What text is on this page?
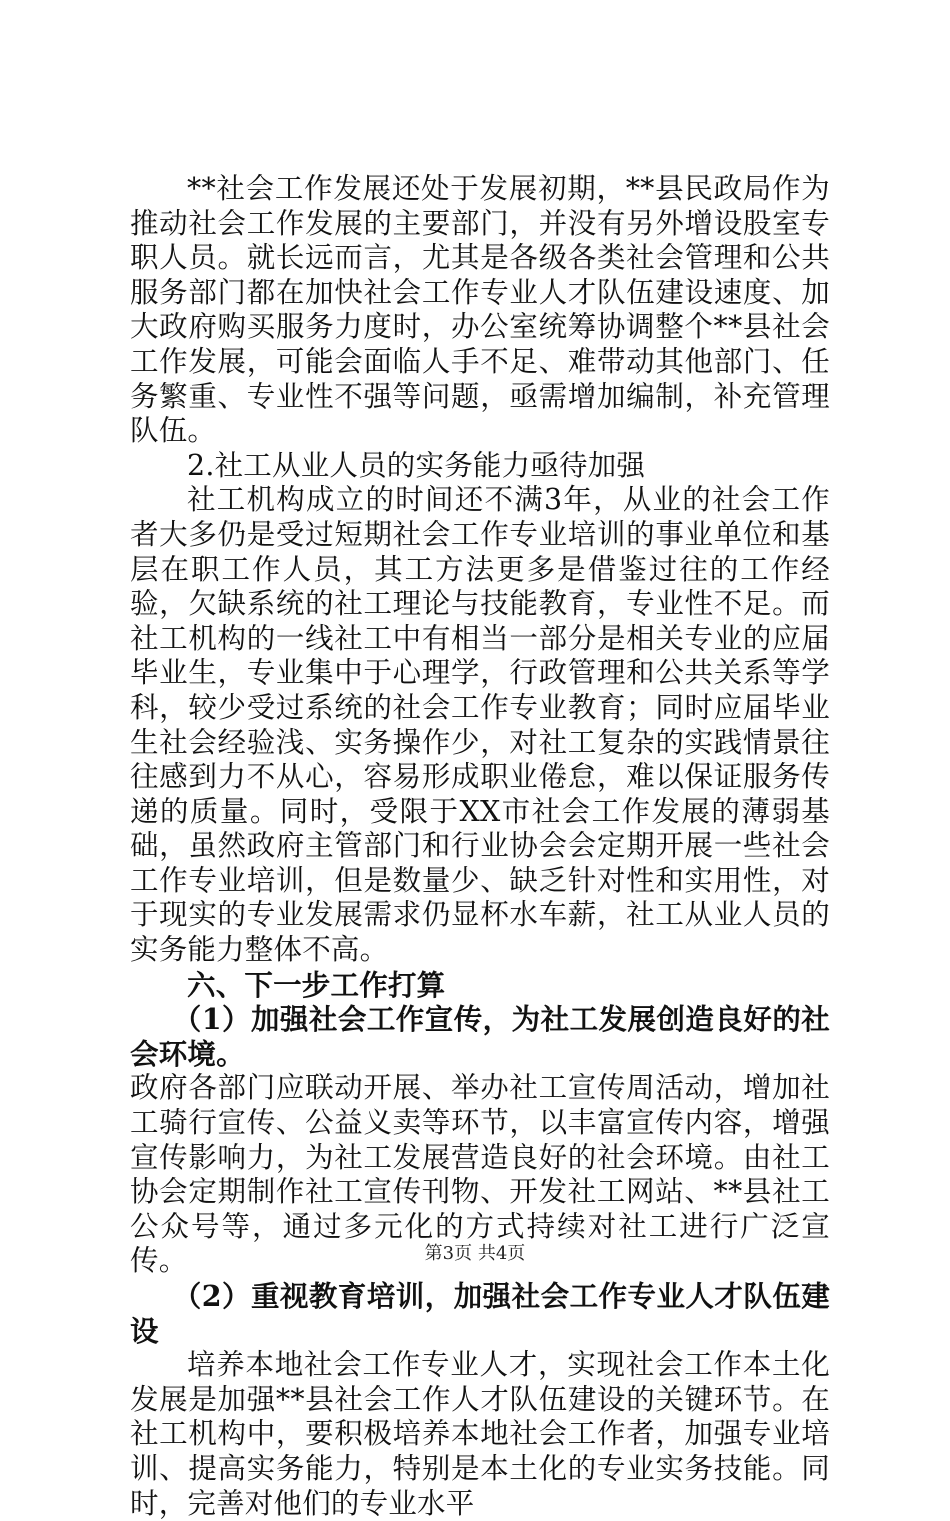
**社会工作发展还处于发展初期，**县民政局作为推动社会工作发展的主要部门，并没有另外增设股室专职人员。就长远而言，尤其是各级各类社会管理和公共服务部门都在加快社会工作专业人才队伍建设速度、加大政府购买服务力度时，办公室统筹协调整个**县社会工作发展，可能会面临人手不足、难带动其他部门、任务繁重、专业性不强等问题，亟需增加编制，补充管理队伍。

2.社工从业人员的实务能力亟待加强

社工机构成立的时间还不满3年，从业的社会工作者大多仍是受过短期社会工作专业培训的事业单位和基层在职工作人员，其工方法更多是借鉴过往的工作经验，欠缺系统的社工理论与技能教育，专业性不足。而社工机构的一线社工中有相当一部分是相关专业的应届毕业生，专业集中于心理学，行政管理和公共关系等学科，较少受过系统的社会工作专业教育；同时应届毕业生社会经验浅、实务操作少，对社工复杂的实践情景往往感到力不从心，容易形成职业倦怠，难以保证服务传递的质量。同时，受限于XX市社会工作发展的薄弱基础，虽然政府主管部门和行业协会会定期开展一些社会工作专业培训，但是数量少、缺乏针对性和实用性，对于现实的专业发展需求仍显杯水车薪，社工从业人员的实务能力整体不高。

六、下一步工作打算

（1）加强社会工作宣传，为社工发展创造良好的社会环境。

政府各部门应联动开展、举办社工宣传周活动，增加社工骑行宣传、公益义卖等环节，以丰富宣传内容，增强宣传影响力，为社工发展营造良好的社会环境。由社工协会定期制作社工宣传刊物、开发社工网站、**县社工公众号等，通过多元化的方式持续对社工进行广泛宣传。

（2）重视教育培训，加强社会工作专业人才队伍建设

培养本地社会工作专业人才，实现社会工作本土化发展是加强**县社会工作人才队伍建设的关键环节。在社工机构中，要积极培养本地社会工作者，加强专业培训、提高实务能力，特别是本土化的专业实务技能。同时，完善对他们的专业水平

第3页 共4页
